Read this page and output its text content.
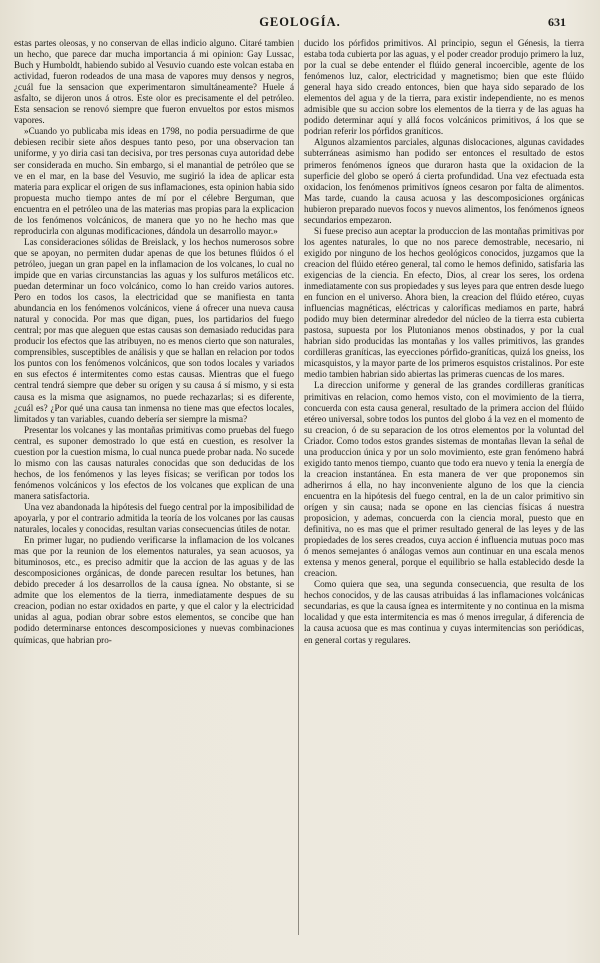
GEOLOGÍA.	631

estas partes oleosas, y no conservan de ellas indicio alguno. Citaré tambien un hecho, que parece dar mucha importancia á mi opinion: Gay Lussac, Buch y Humboldt, habiendo subido al Vesuvio cuando este volcan estaba en actividad, fueron rodeados de una masa de vapores muy densos y negros, ¿cuál fue la sensacion que experimentaron simultáneamente? Huele á asfalto, se dijeron unos á otros. Este olor es precisamente el del petróleo. Esta sensacion se renovó siempre que fueron envueltos por estos mismos vapores.

»Cuando yo publicaba mis ideas en 1798, no podia persuadirme de que debiesen recibir siete años despues tanto peso, por una observacion tan uniforme, y yo diria casi tan decisiva, por tres personas cuya autoridad debe ser considerada en mucho. Sin embargo, si el manantial de petróleo que se ve en el mar, en la base del Vesuvio, me sugirió la idea de aplicar esta materia para explicar el origen de sus inflamaciones, esta opinion habia sido propuesta mucho tiempo antes de mí por el célebre Berguman, que encuentra en el petróleo una de las materias mas propias para la explicacion de los fenómenos volcánicos, de manera que yo no he hecho mas que reproducirla con algunas modificaciones, dándola un desarrollo mayor.»

Las consideraciones sólidas de Breislack, y los hechos numerosos sobre que se apoyan, no permiten dudar apenas de que los betunes flúidos ó el petróleo, juegan un gran papel en la inflamacion de los volcanes, lo cual no impide que en varias circunstancias las aguas y los sulfuros metálicos etc. puedan determinar un foco volcánico, como lo han creido varios autores. Pero en todos los casos, la electricidad que se manifiesta en tanta abundancia en los fenómenos volcánicos, viene á ofrecer una nueva causa natural y conocida. Por mas que digan, pues, los partidarios del fuego central; por mas que aleguen que estas causas son demasiado reducidas para producir los efectos que las atribuyen, no es menos cierto que son naturales, comprensibles, susceptibles de análisis y que se hallan en relacion por todos los puntos con los fenómenos volcánicos, que son todos locales y variados en sus efectos é intermitentes como estas causas. Mientras que el fuego central tendrá siempre que deber su orígen y su causa á sí mismo, y si esta causa es la misma que asignamos, no puede rechazarlas; si es diferente, ¿cuál es? ¿Por qué una causa tan inmensa no tiene mas que efectos locales, limitados y tan variables, cuando debería ser siempre la misma?

Presentar los volcanes y las montañas primitivas como pruebas del fuego central, es suponer demostrado lo que está en cuestion, es resolver la cuestion por la cuestion misma, lo cual nunca puede probar nada. No sucede lo mismo con las causas naturales conocidas que son deducidas de los hechos, de los fenómenos y las leyes físicas; se verifican por todos los fenómenos volcánicos y los efectos de los volcanes que explican de una manera satisfactoria.

Una vez abandonada la hipótesis del fuego central por la imposibilidad de apoyarla, y por el contrario admitida la teoría de los volcanes por las causas naturales, locales y conocidas, resultan varias consecuencias útiles de notar.

En primer lugar, no pudiendo verificarse la inflamacion de los volcanes mas que por la reunion de los elementos naturales, ya sean acuosos, ya bituminosos, etc., es preciso admitir que la accion de las aguas y de las descomposiciones orgánicas, de donde parecen resultar los betunes, han debido preceder á los desarrollos de la causa ígnea. No obstante, si se admite que los elementos de la tierra, inmediatamente despues de su creacion, podian no estar oxidados en parte, y que el calor y la electricidad unidas al agua, podian obrar sobre estos elementos, se concibe que han podido determinarse entonces descomposiciones y nuevas combinaciones químicas, que habrian pro-

ducido los pórfidos primitivos. Al principio, segun el Génesis, la tierra estaba toda cubierta por las aguas, y el poder creador produjo primero la luz, por la cual se debe entender el flúido general incoercible, agente de los fenómenos luz, calor, electricidad y magnetismo; bien que este flúido general haya sido creado entonces, bien que haya sido separado de los elementos del agua y de la tierra, para existir independiente, no es menos admisible que su accion sobre los elementos de la tierra y de las aguas ha podido determinar aquí y allá focos volcánicos primitivos, á los que se podrian referir los pórfidos graníticos.

Algunos alzamientos parciales, algunas dislocaciones, algunas cavidades subterráneas asimismo han podido ser entonces el resultado de estos primeros fenómenos ígneos que duraron hasta que la oxidacion de la superficie del globo se operó á cierta profundidad. Una vez efectuada esta oxidacion, los fenómenos primitivos ígneos cesaron por falta de alimentos. Mas tarde, cuando la causa acuosa y las descomposiciones orgánicas hubieron preparado nuevos focos y nuevos alimentos, los fenómenos ígneos secundarios empezaron.

Si fuese preciso aun aceptar la produccion de las montañas primitivas por los agentes naturales, lo que no nos parece demostrable, necesario, ni exigido por ninguno de los hechos geológicos conocidos, juzgamos que la creacion del flúido etéreo general, tal como le hemos definido, satisfaria las exigencias de la ciencia. En efecto, Dios, al crear los seres, los ordena inmediatamente con sus propiedades y sus leyes para que entren desde luego en funcion en el universo. Ahora bien, la creacion del flúido etéreo, cuyas influencias magnéticas, eléctricas y caloríficas mediamos en parte, habrá podido muy bien determinar alrededor del núcleo de la tierra esta cubierta pastosa, supuesta por los Plutonianos menos obstinados, y por la cual habrian sido producidas las montañas y los valles primitivos, las grandes cordilleras graníticas, las eyecciones pórfido-graníticas, quizá los gneiss, los micasquistos, y la mayor parte de los primeros esquistos cristalinos. Por este medio tambien habrian sido abiertas las primeras cuencas de los mares.

La direccion uniforme y general de las grandes cordilleras graníticas primitivas en relacion, como hemos visto, con el movimiento de la tierra, concuerda con esta causa general, resultado de la primera accion del flúido etéreo universal, sobre todos los puntos del globo á la vez en el momento de su creacion, ó de su separacion de los otros elementos por la voluntad del Criador. Como todos estos grandes sistemas de montañas llevan la señal de una produccion única y por un solo movimiento, este gran fenómeno habrá exigido tanto menos tiempo, cuanto que todo era nuevo y tenia la energía de la creacion instantánea. En esta manera de ver que proponemos sin adherirnos á ella, no hay inconveniente alguno de los que la ciencia encuentra en la hipótesis del fuego central, en la de un calor primitivo sin orígen y sin causa; nada se opone en las ciencias físicas á nuestra proposicion, y ademas, concuerda con la ciencia moral, puesto que en definitiva, no es mas que el primer resultado general de las leyes y de las propiedades de los seres creados, cuya accion é influencia mutuas poco mas ó menos semejantes ó análogas vemos aun continuar en una escala menos extensa y menos general, porque el equilibrio se halla establecido desde la creacion.

Como quiera que sea, una segunda consecuencia, que resulta de los hechos conocidos, y de las causas atribuidas á las inflamaciones volcánicas secundarias, es que la causa ígnea es intermitente y no continua en la misma localidad y que esta intermitencia es mas ó menos irregular, á diferencia de la causa acuosa que es mas continua y cuyas intermitencias son periódicas, en general cortas y regulares.
